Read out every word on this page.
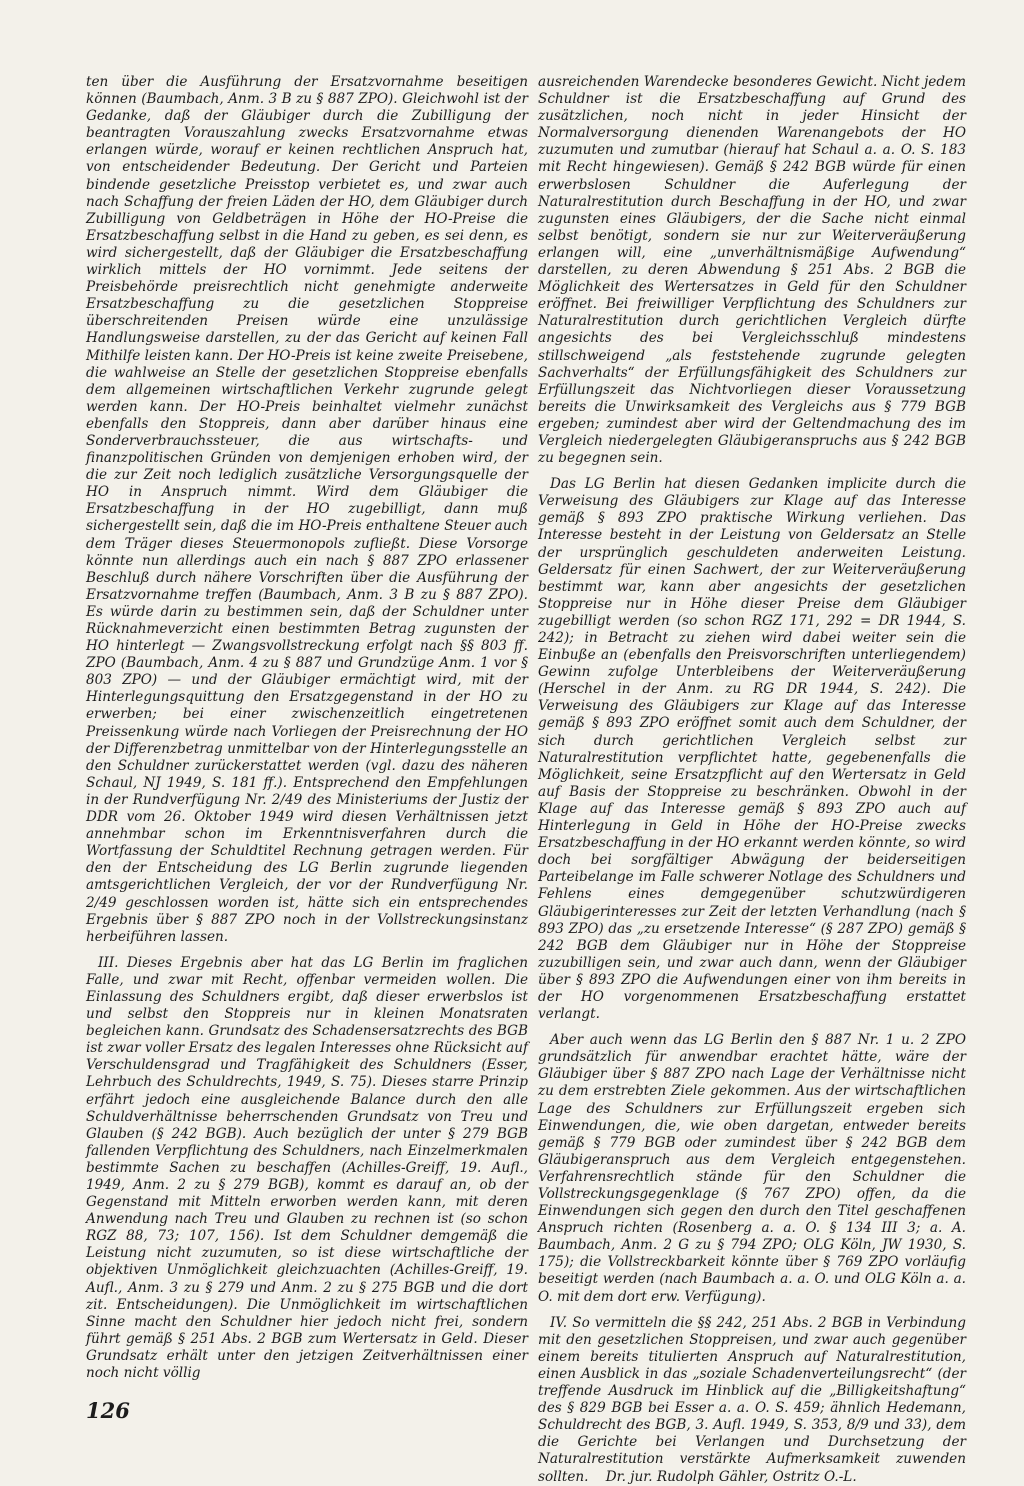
ten über die Ausführung der Ersatzvornahme beseitigen können (Baumbach, Anm. 3 B zu § 887 ZPO). Gleichwohl ist der Gedanke, daß der Gläubiger durch die Zubilligung der beantragten Vorauszahlung zwecks Ersatzvornahme etwas erlangen würde, worauf er keinen rechtlichen Anspruch hat, von entscheidender Bedeutung. Der Gericht und Parteien bindende gesetzliche Preisstop verbietet es, und zwar auch nach Schaffung der freien Läden der HO, dem Gläubiger durch Zubilligung von Geldbeträgen in Höhe der HO-Preise die Ersatzbeschaffung selbst in die Hand zu geben, es sei denn, es wird sichergestellt, daß der Gläubiger die Ersatzbeschaffung wirklich mittels der HO vornimmt. Jede seitens der Preisbehörde preisrechtlich nicht genehmigte anderweite Ersatzbeschaffung zu die gesetzlichen Stoppreise überschreitenden Preisen würde eine unzulässige Handlungsweise darstellen, zu der das Gericht auf keinen Fall Mithilfe leisten kann. Der HO-Preis ist keine zweite Preisebene, die wahlweise an Stelle der gesetzlichen Stoppreise ebenfalls dem allgemeinen wirtschaftlichen Verkehr zugrunde gelegt werden kann. Der HO-Preis beinhaltet vielmehr zunächst ebenfalls den Stoppreis, dann aber darüber hinaus eine Sonderverbrauchssteuer, die aus wirtschafts- und finanzpolitischen Gründen von demjenigen erhoben wird, der die zur Zeit noch lediglich zusätzliche Versorgungsquelle der HO in Anspruch nimmt. Wird dem Gläubiger die Ersatzbeschaffung in der HO zugebilligt, dann muß sichergestellt sein, daß die im HO-Preis enthaltene Steuer auch dem Träger dieses Steuermonopols zufließt. Diese Vorsorge könnte nun allerdings auch ein nach § 887 ZPO erlassener Beschluß durch nähere Vorschriften über die Ausführung der Ersatzvornahme treffen (Baumbach, Anm. 3 B zu § 887 ZPO). Es würde darin zu bestimmen sein, daß der Schuldner unter Rücknahmeverzicht einen bestimmten Betrag zugunsten der HO hinterlegt — Zwangsvollstreckung erfolgt nach §§ 803 ff. ZPO (Baumbach, Anm. 4 zu § 887 und Grundzüge Anm. 1 vor § 803 ZPO) — und der Gläubiger ermächtigt wird, mit der Hinterlegungsquittung den Ersatzgegenstand in der HO zu erwerben; bei einer zwischenzeitlich eingetretenen Preissenkung würde nach Vorliegen der Preisrechnung der HO der Differenzbetrag unmittelbar von der Hinterlegungsstelle an den Schuldner zurückerstattet werden (vgl. dazu des näheren Schaul, NJ 1949, S. 181 ff.). Entsprechend den Empfehlungen in der Rundverfügung Nr. 2/49 des Ministeriums der Justiz der DDR vom 26. Oktober 1949 wird diesen Verhältnissen jetzt annehmbar schon im Erkenntnisverfahren durch die Wortfassung der Schuldtitel Rechnung getragen werden. Für den der Entscheidung des LG Berlin zugrunde liegenden amtsgerichtlichen Vergleich, der vor der Rundverfügung Nr. 2/49 geschlossen worden ist, hätte sich ein entsprechendes Ergebnis über § 887 ZPO noch in der Vollstreckungsinstanz herbeiführen lassen.

III. Dieses Ergebnis aber hat das LG Berlin im fraglichen Falle, und zwar mit Recht, offenbar vermeiden wollen. Die Einlassung des Schuldners ergibt, daß dieser erwerbslos ist und selbst den Stoppreis nur in kleinen Monatsraten begleichen kann. Grundsatz des Schadensersatzrechts des BGB ist zwar voller Ersatz des legalen Interesses ohne Rücksicht auf Verschuldensgrad und Tragfähigkeit des Schuldners (Esser, Lehrbuch des Schuldrechts, 1949, S. 75). Dieses starre Prinzip erfährt jedoch eine ausgleichende Balance durch den alle Schuldverhältnisse beherrschenden Grundsatz von Treu und Glauben (§ 242 BGB). Auch bezüglich der unter § 279 BGB fallenden Verpflichtung des Schuldners, nach Einzelmerkmalen bestimmte Sachen zu beschaffen (Achilles-Greiff, 19. Aufl., 1949, Anm. 2 zu § 279 BGB), kommt es darauf an, ob der Gegenstand mit Mitteln erworben werden kann, mit deren Anwendung nach Treu und Glauben zu rechnen ist (so schon RGZ 88, 73; 107, 156). Ist dem Schuldner demgemäß die Leistung nicht zuzumuten, so ist diese wirtschaftliche der objektiven Unmöglichkeit gleichzuachten (Achilles-Greiff, 19. Aufl., Anm. 3 zu § 279 und Anm. 2 zu § 275 BGB und die dort zit. Entscheidungen). Die Unmöglichkeit im wirtschaftlichen Sinne macht den Schuldner hier jedoch nicht frei, sondern führt gemäß § 251 Abs. 2 BGB zum Wertersatz in Geld. Dieser Grundsatz erhält unter den jetzigen Zeitverhältnissen einer noch nicht völlig

ausreichenden Warendecke besonderes Gewicht. Nicht jedem Schuldner ist die Ersatzbeschaffung auf Grund des zusätzlichen, noch nicht in jeder Hinsicht der Normalversorgung dienenden Warenangebots der HO zuzumuten und zumutbar (hierauf hat Schaul a. a. O. S. 183 mit Recht hingewiesen). Gemäß § 242 BGB würde für einen erwerbslosen Schuldner die Auferlegung der Naturalrestitution durch Beschaffung in der HO, und zwar zugunsten eines Gläubigers, der die Sache nicht einmal selbst benötigt, sondern sie nur zur Weiterveräußerung erlangen will, eine „unverhältnismäßige Aufwendung“ darstellen, zu deren Abwendung § 251 Abs. 2 BGB die Möglichkeit des Wertersatzes in Geld für den Schuldner eröffnet. Bei freiwilliger Verpflichtung des Schuldners zur Naturalrestitution durch gerichtlichen Vergleich dürfte angesichts des bei Vergleichsschluß mindestens stillschweigend „als feststehende zugrunde gelegten Sachverhalts“ der Erfüllungsfähigkeit des Schuldners zur Erfüllungszeit das Nichtvorliegen dieser Voraussetzung bereits die Unwirksamkeit des Vergleichs aus § 779 BGB ergeben; zumindest aber wird der Geltendmachung des im Vergleich niedergelegten Gläubigeranspruchs aus § 242 BGB zu begegnen sein.

Das LG Berlin hat diesen Gedanken implicite durch die Verweisung des Gläubigers zur Klage auf das Interesse gemäß § 893 ZPO praktische Wirkung verliehen. Das Interesse besteht in der Leistung von Geldersatz an Stelle der ursprünglich geschuldeten anderweiten Leistung. Geldersatz für einen Sachwert, der zur Weiterveräußerung bestimmt war, kann aber angesichts der gesetzlichen Stoppreise nur in Höhe dieser Preise dem Gläubiger zugebilligt werden (so schon RGZ 171, 292 = DR 1944, S. 242); in Betracht zu ziehen wird dabei weiter sein die Einbuße an (ebenfalls den Preisvorschriften unterliegendem) Gewinn zufolge Unterbleibens der Weiterveräußerung (Herschel in der Anm. zu RG DR 1944, S. 242). Die Verweisung des Gläubigers zur Klage auf das Interesse gemäß § 893 ZPO eröffnet somit auch dem Schuldner, der sich durch gerichtlichen Vergleich selbst zur Naturalrestitution verpflichtet hatte, gegebenenfalls die Möglichkeit, seine Ersatzpflicht auf den Wertersatz in Geld auf Basis der Stoppreise zu beschränken. Obwohl in der Klage auf das Interesse gemäß § 893 ZPO auch auf Hinterlegung in Geld in Höhe der HO-Preise zwecks Ersatzbeschaffung in der HO erkannt werden könnte, so wird doch bei sorgfältiger Abwägung der beiderseitigen Parteibelange im Falle schwerer Notlage des Schuldners und Fehlens eines demgegenüber schutzwürdigeren Gläubigerinteresses zur Zeit der letzten Verhandlung (nach § 893 ZPO) das „zu ersetzende Interesse“ (§ 287 ZPO) gemäß § 242 BGB dem Gläubiger nur in Höhe der Stoppreise zuzubilligen sein, und zwar auch dann, wenn der Gläubiger über § 893 ZPO die Aufwendungen einer von ihm bereits in der HO vorgenommenen Ersatzbeschaffung erstattet verlangt.

Aber auch wenn das LG Berlin den § 887 Nr. 1 u. 2 ZPO grundsätzlich für anwendbar erachtet hätte, wäre der Gläubiger über § 887 ZPO nach Lage der Verhältnisse nicht zu dem erstrebten Ziele gekommen. Aus der wirtschaftlichen Lage des Schuldners zur Erfüllungszeit ergeben sich Einwendungen, die, wie oben dargetan, entweder bereits gemäß § 779 BGB oder zumindest über § 242 BGB dem Gläubigeranspruch aus dem Vergleich entgegenstehen. Verfahrensrechtlich stände für den Schuldner die Vollstreckungsgegenklage (§ 767 ZPO) offen, da die Einwendungen sich gegen den durch den Titel geschaffenen Anspruch richten (Rosenberg a. a. O. § 134 III 3; a. A. Baumbach, Anm. 2 G zu § 794 ZPO; OLG Köln, JW 1930, S. 175); die Vollstreckbarkeit könnte über § 769 ZPO vorläufig beseitigt werden (nach Baumbach a. a. O. und OLG Köln a. a. O. mit dem dort erw. Verfügung).

IV. So vermitteln die §§ 242, 251 Abs. 2 BGB in Verbindung mit den gesetzlichen Stoppreisen, und zwar auch gegenüber einem bereits titulierten Anspruch auf Naturalrestitution, einen Ausblick in das „soziale Schadenverteilungsrecht“ (der treffende Ausdruck im Hinblick auf die „Billigkeitshaftung“ des § 829 BGB bei Esser a. a. O. S. 459; ähnlich Hedemann, Schuldrecht des BGB, 3. Aufl. 1949, S. 353, 8/9 und 33), dem die Gerichte bei Verlangen und Durchsetzung der Naturalrestitution verstärkte Aufmerksamkeit zuwenden sollten. Dr. jur. Rudolph Gähler, Ostritz O.-L.

126
